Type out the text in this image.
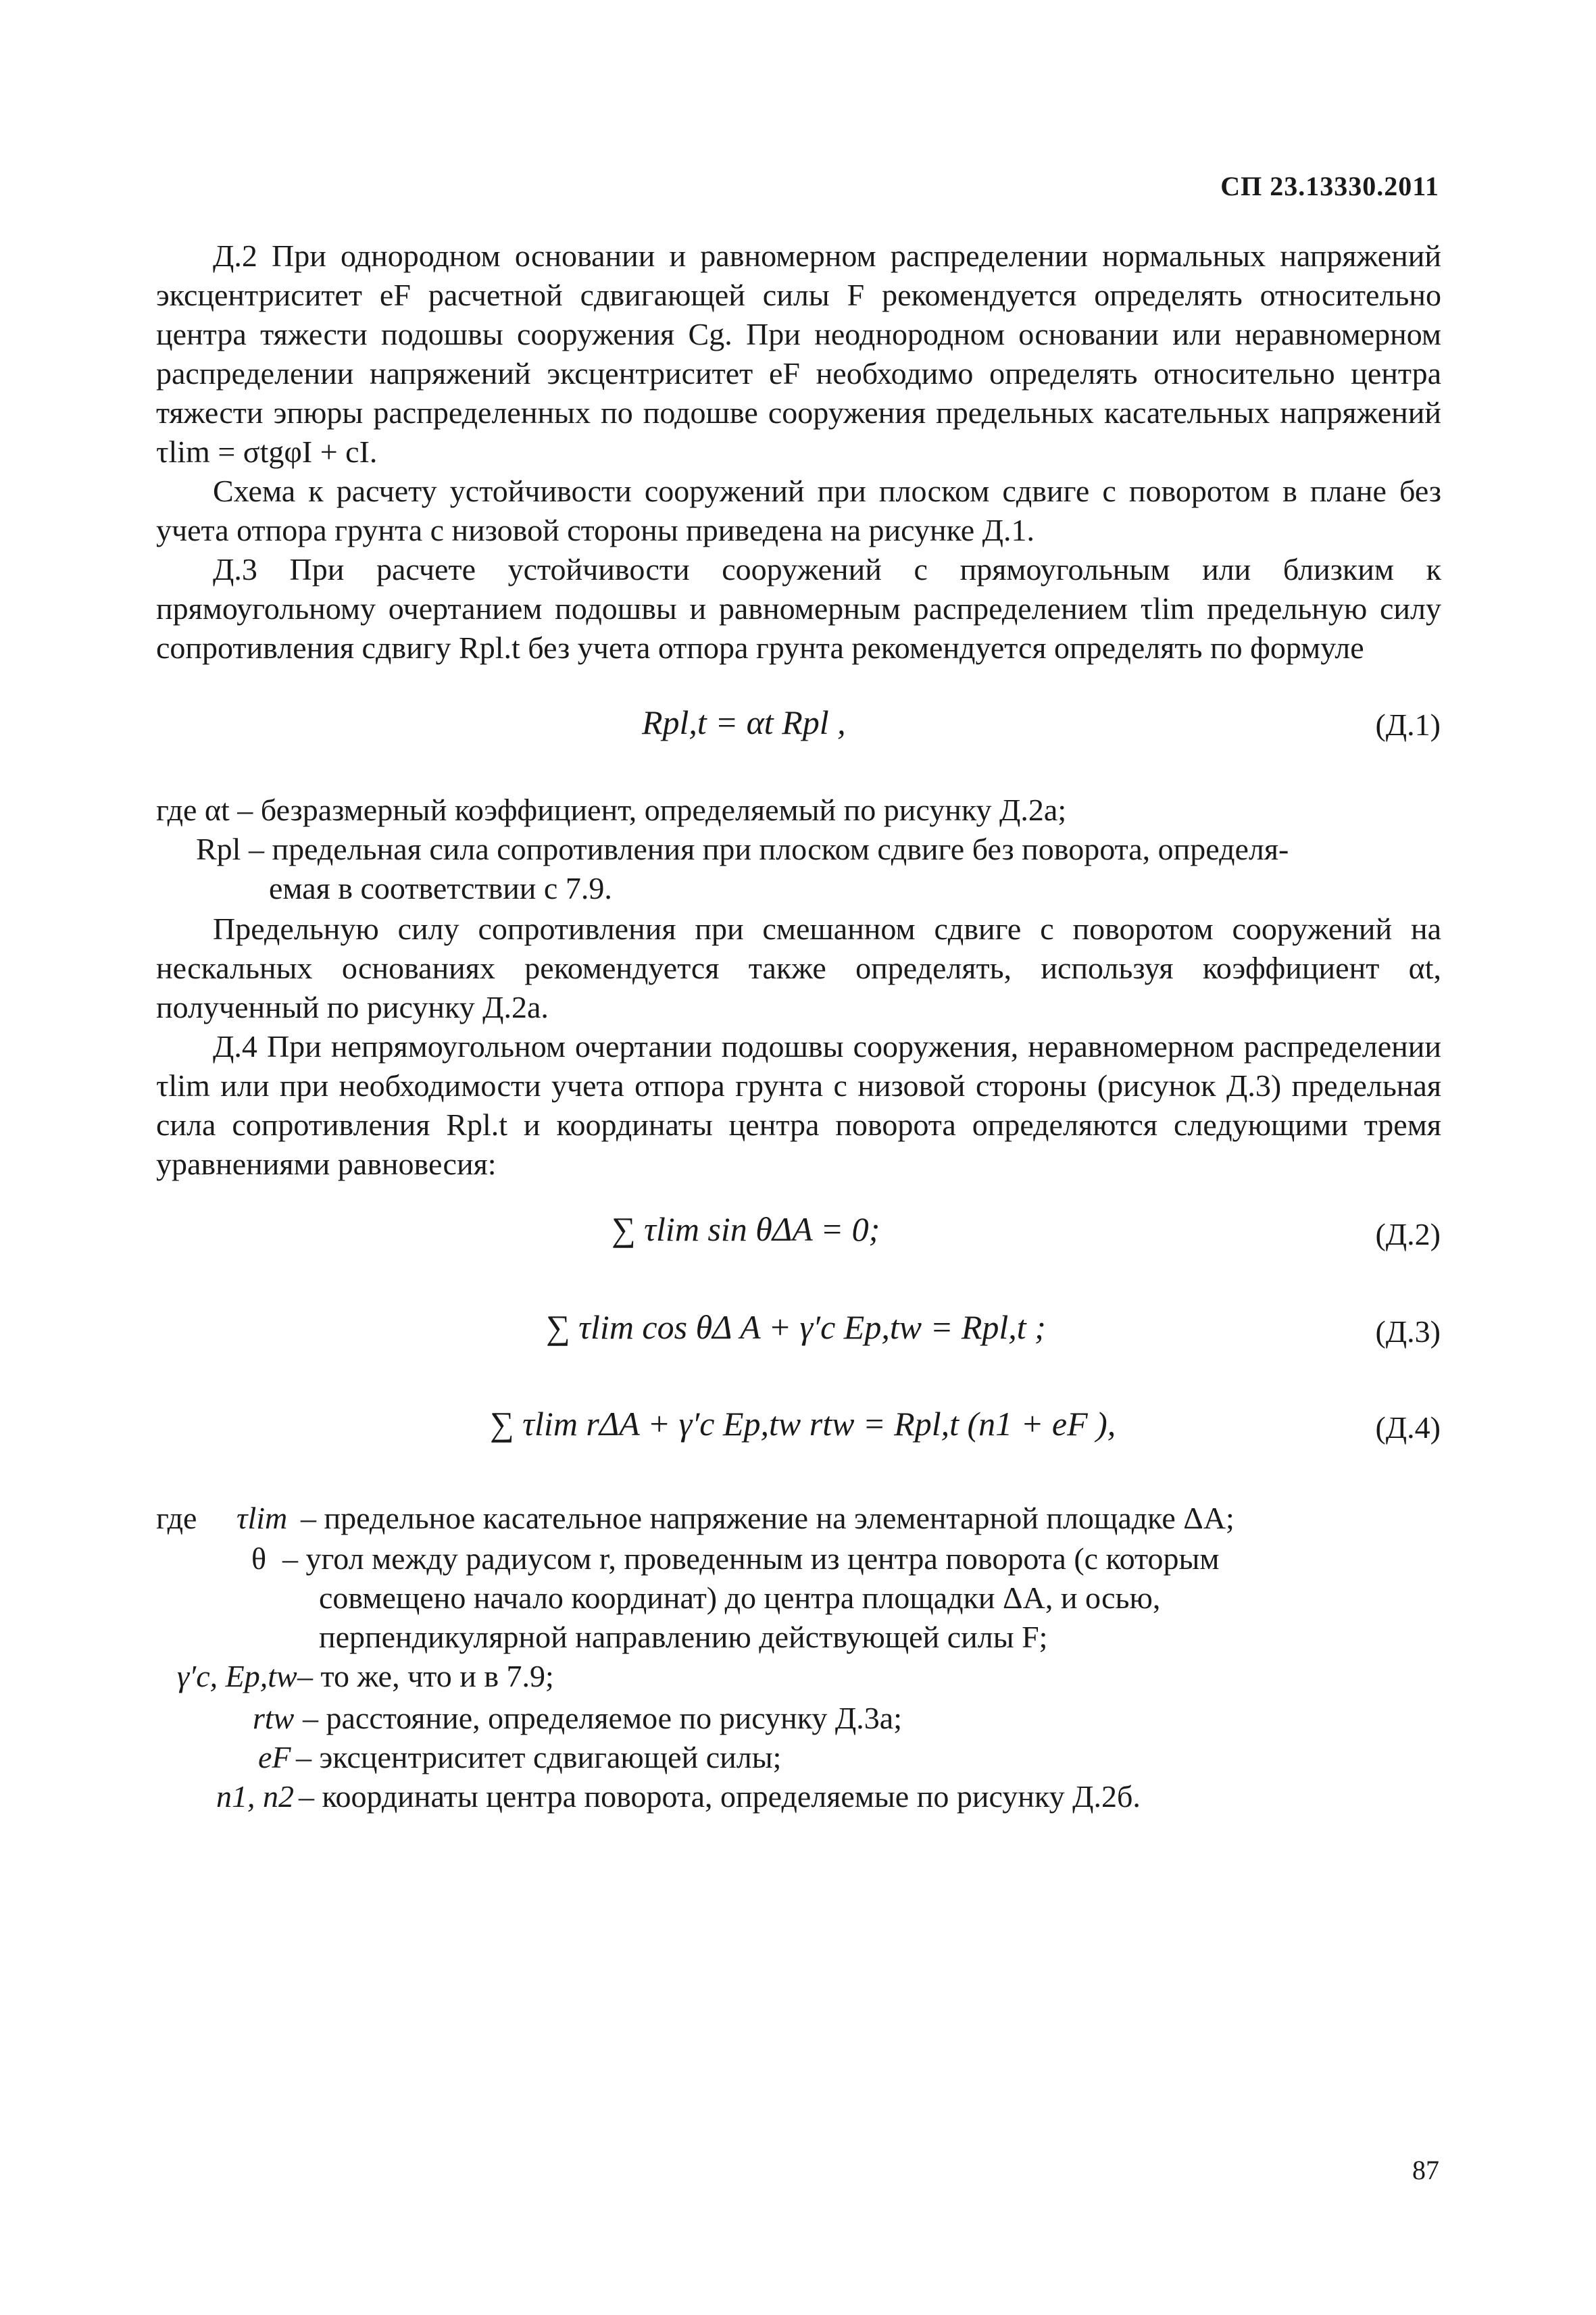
СП 23.13330.2011
Д.2 При однородном основании и равномерном распределении нормальных напряжений эксцентриситет eF расчетной сдвигающей силы F рекомендуется определять относительно центра тяжести подошвы сооружения Cg. При неоднородном основании или неравномерном распределении напряжений эксцентриситет eF необходимо определять относительно центра тяжести эпюры распределенных по подошве сооружения предельных касательных напряжений τlim = σtgφI + cI.
Схема к расчету устойчивости сооружений при плоском сдвиге с поворотом в плане без учета отпора грунта с низовой стороны приведена на рисунке Д.1.
Д.3 При расчете устойчивости сооружений с прямоугольным или близким к прямоугольному очертанием подошвы и равномерным распределением τlim предельную силу сопротивления сдвигу Rpl.t без учета отпора грунта рекомендуется определять по формуле
Rpl,t = αt Rpl ,	(Д.1)
где αt – безразмерный коэффициент, определяемый по рисунку Д.2а;
Rpl – предельная сила сопротивления при плоском сдвиге без поворота, определя-
емая в соответствии с 7.9.
Предельную силу сопротивления при смешанном сдвиге с поворотом сооружений на нескальных основаниях рекомендуется также определять, используя коэффициент αt, полученный по рисунку Д.2а.
Д.4 При непрямоугольном очертании подошвы сооружения, неравномерном распределении τlim или при необходимости учета отпора грунта с низовой стороны (рисунок Д.3) предельная сила сопротивления Rpl.t и координаты центра поворота определяются следующими тремя уравнениями равновесия:
∑ τlim sin θΔA = 0;	(Д.2)
∑ τlim cos θΔ A + γ′c Ep,tw = Rpl,t ;	(Д.3)
∑ τlim rΔA + γ′c Ep,tw rtw = Rpl,t (n1 + eF ),	(Д.4)
где τlim – предельное касательное напряжение на элементарной площадке ΔA;
θ – угол между радиусом r, проведенным из центра поворота (с которым
совмещено начало координат) до центра площадки ΔA, и осью,
перпендикулярной направлению действующей силы F;
γ′c, Ep,tw – то же, что и в 7.9;
rtw – расстояние, определяемое по рисунку Д.3а;
eF – эксцентриситет сдвигающей силы;
n1, n2 – координаты центра поворота, определяемые по рисунку Д.2б.
87
